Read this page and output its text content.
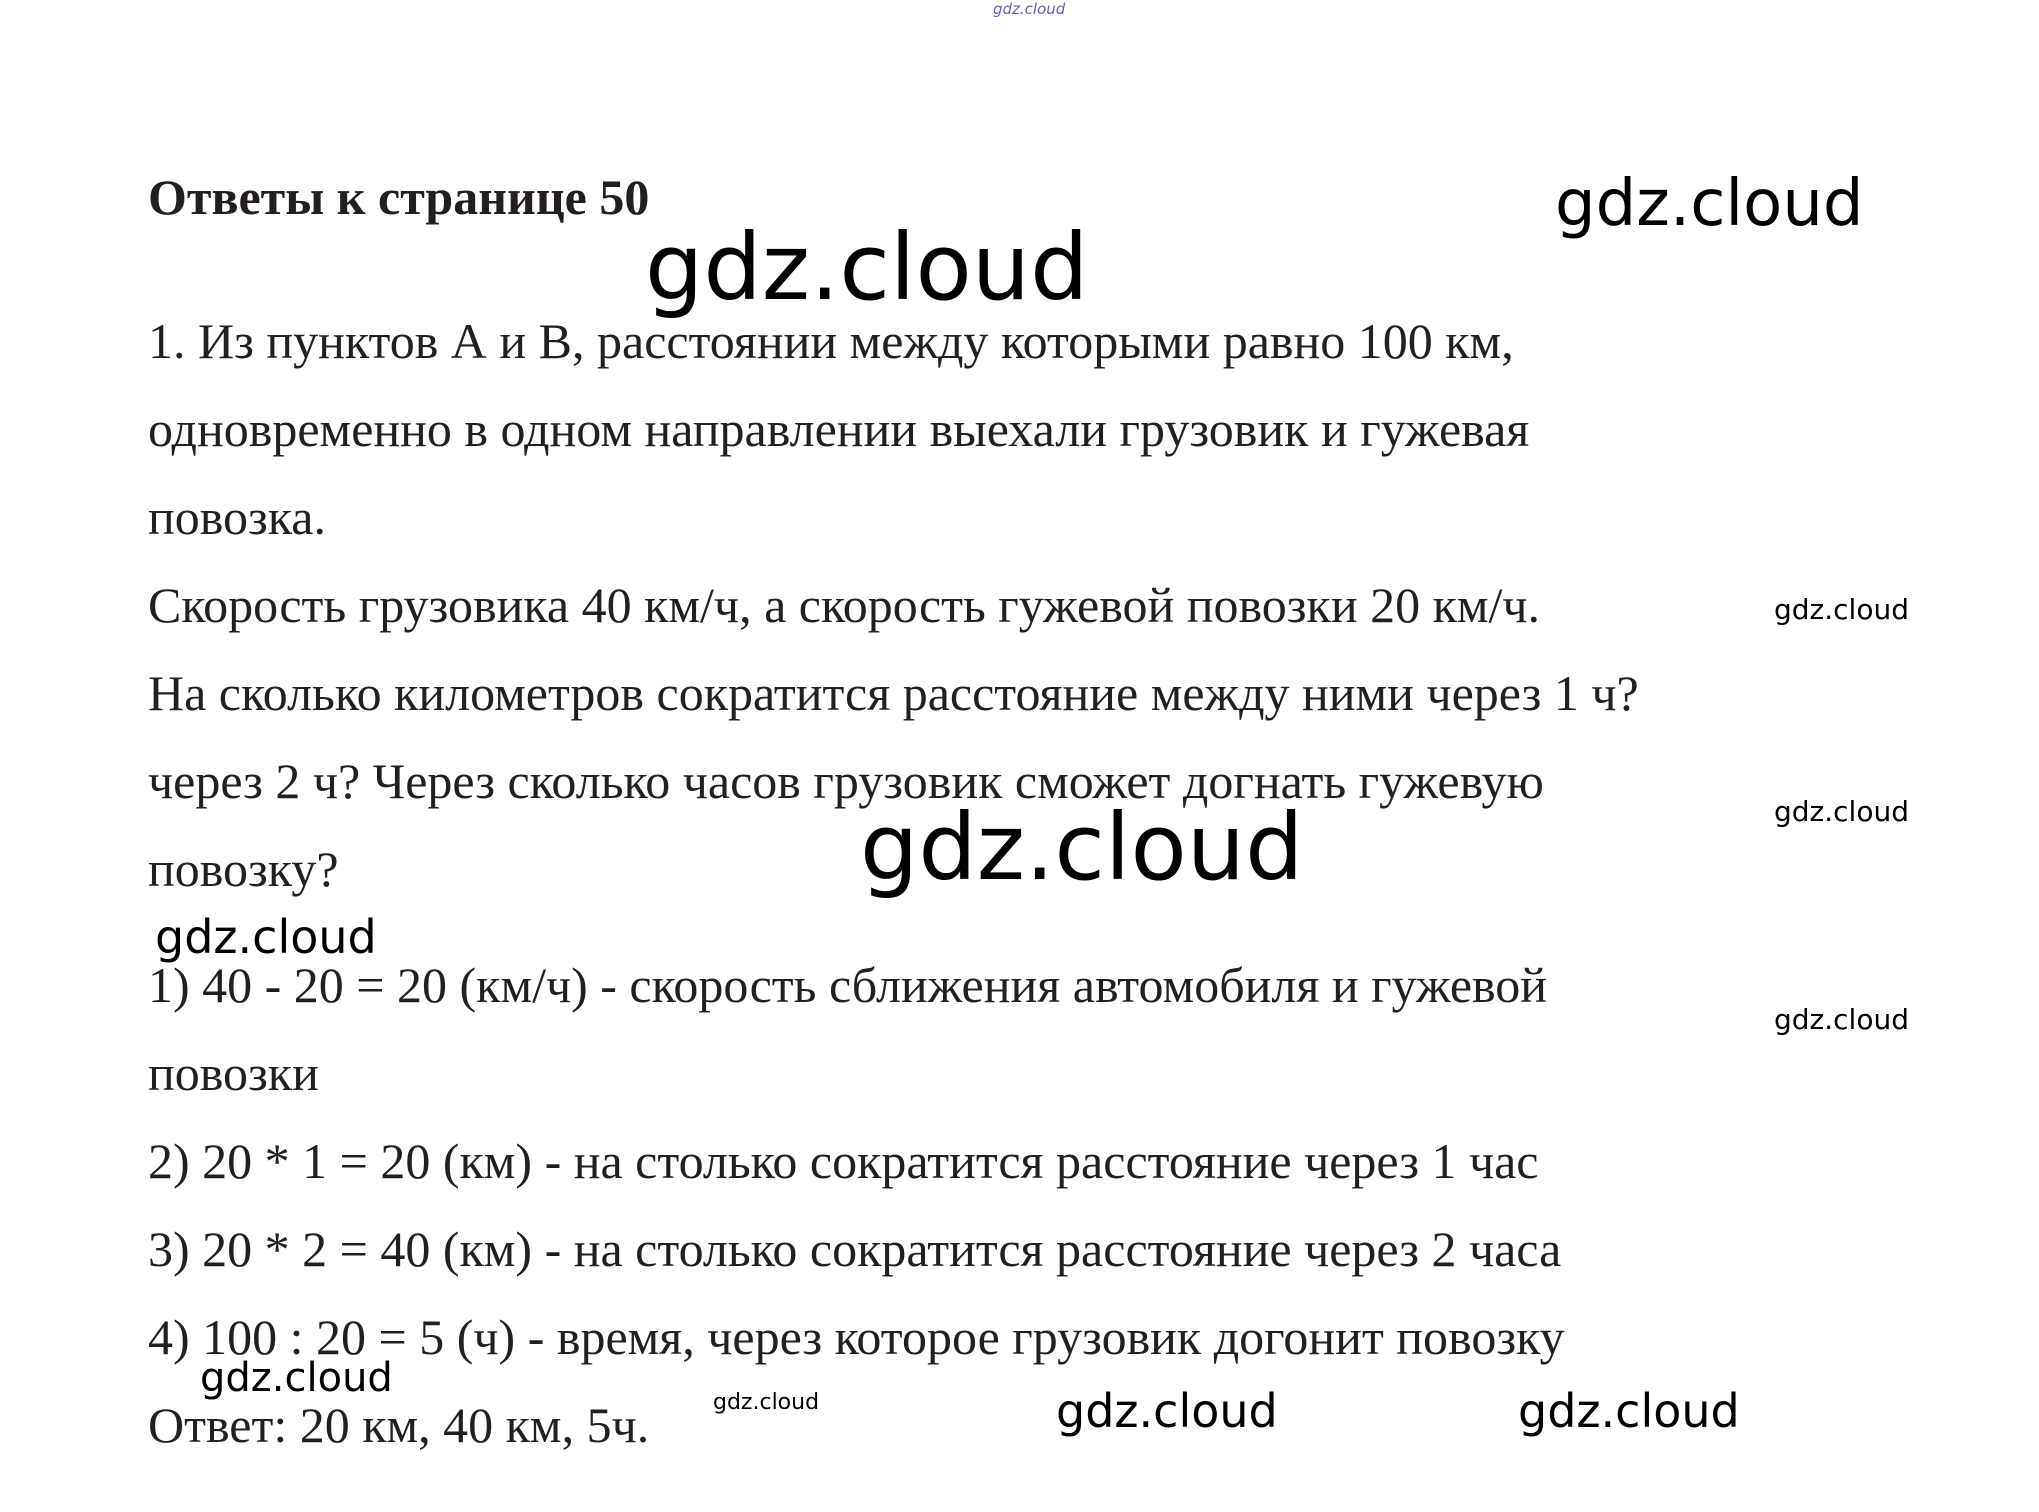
gdz.cloud
Ответы к странице 50
1. Из пунктов А и В, расстоянии между которыми равно 100 км,
одновременно в одном направлении выехали грузовик и гужевая
повозка.
Скорость грузовика 40 км/ч, а скорость гужевой повозки 20 км/ч.
На сколько километров сократится расстояние между ними через 1 ч?
через 2 ч? Через сколько часов грузовик сможет догнать гужевую
повозку?
1) 40 - 20 = 20 (км/ч) - скорость сближения автомобиля и гужевой
повозки
2) 20 * 1 = 20 (км) - на столько сократится расстояние через 1 час
3) 20 * 2 = 40 (км) - на столько сократится расстояние через 2 часа
4) 100 : 20 = 5 (ч) - время, через которое грузовик догонит повозку
Ответ: 20 км, 40 км, 5ч.
gdz.cloud
gdz.cloud
gdz.cloud
gdz.cloud
gdz.cloud
gdz.cloud
gdz.cloud
gdz.cloud
gdz.cloud	gdz.cloud	gdz.cloud
